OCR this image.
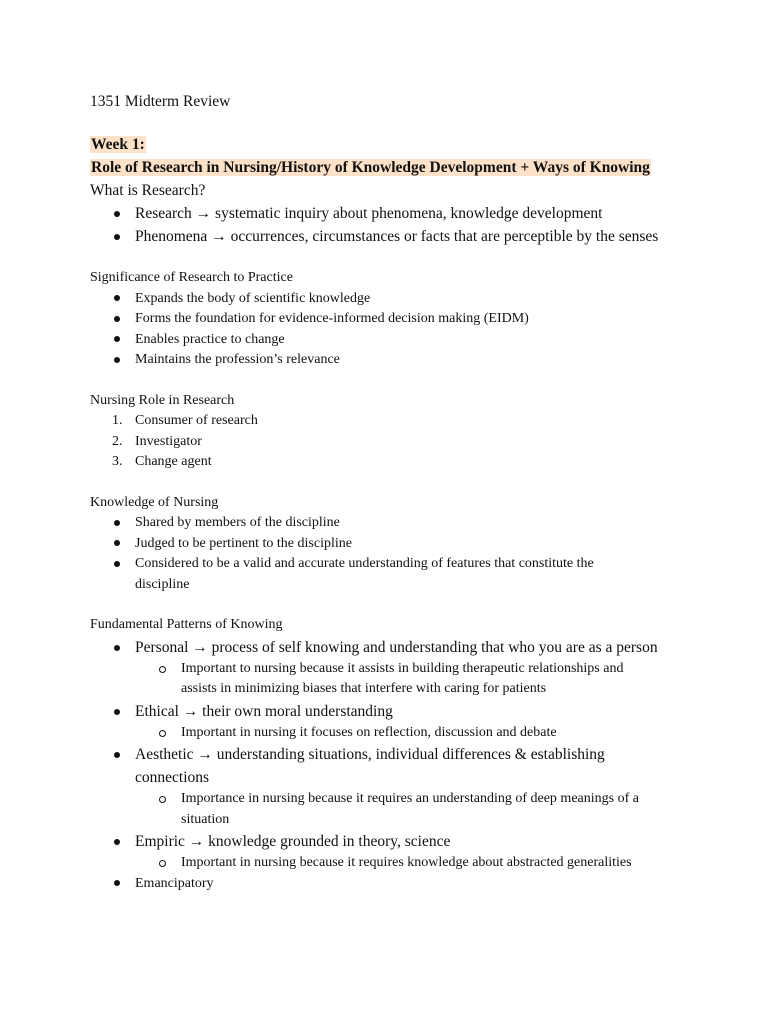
1351 Midterm Review
Week 1:
Role of Research in Nursing/History of Knowledge Development + Ways of Knowing
What is Research?
Research → systematic inquiry about phenomena, knowledge development
Phenomena → occurrences, circumstances or facts that are perceptible by the senses
Significance of Research to Practice
Expands the body of scientific knowledge
Forms the foundation for evidence-informed decision making (EIDM)
Enables practice to change
Maintains the profession’s relevance
Nursing Role in Research
1. Consumer of research
2. Investigator
3. Change agent
Knowledge of Nursing
Shared by members of the discipline
Judged to be pertinent to the discipline
Considered to be a valid and accurate understanding of features that constitute the
discipline
Fundamental Patterns of Knowing
Personal → process of self knowing and understanding that who you are as a person
Important to nursing because it assists in building therapeutic relationships and
assists in minimizing biases that interfere with caring for patients
Ethical → their own moral understanding
Important in nursing it focuses on reflection, discussion and debate
Aesthetic → understanding situations, individual differences & establishing
connections
Importance in nursing because it requires an understanding of deep meanings of a
situation
Empiric → knowledge grounded in theory, science
Important in nursing because it requires knowledge about abstracted generalities
Emancipatory
